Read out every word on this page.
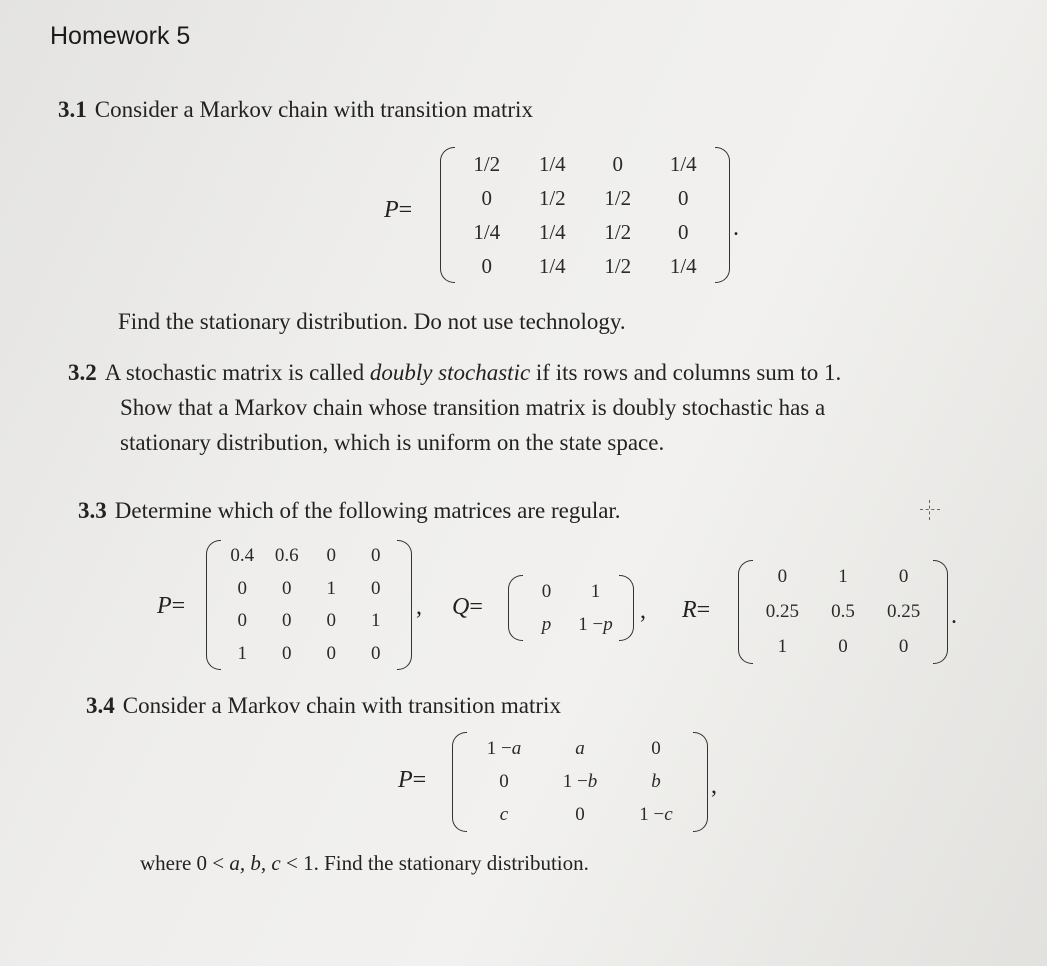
Homework 5
3.1 Consider a Markov chain with transition matrix
P=
1/2	1/4	0	1/4
0	1/2	1/2	0
1/4	1/4	1/2	0
0	1/4	1/2	1/4
.
Find the stationary distribution. Do not use technology.
3.2 A stochastic matrix is called doubly stochastic if its rows and columns sum to 1.
Show that a Markov chain whose transition matrix is doubly stochastic has a
stationary distribution, which is uniform on the state space.
3.3 Determine which of the following matrices are regular.
P=
0.4	0.6	0	0
0	0	1	0
0	0	0	1
1	0	0	0
, Q=
0	1
p	1 − p , R=
0	1	0
0.25	0.5	0.25
1	0	0
.
3.4 Consider a Markov chain with transition matrix
P=
1 − a	a	0
0	1 − b	b
c	0	1 − c
,
where 0 < a, b, c < 1. Find the stationary distribution.
